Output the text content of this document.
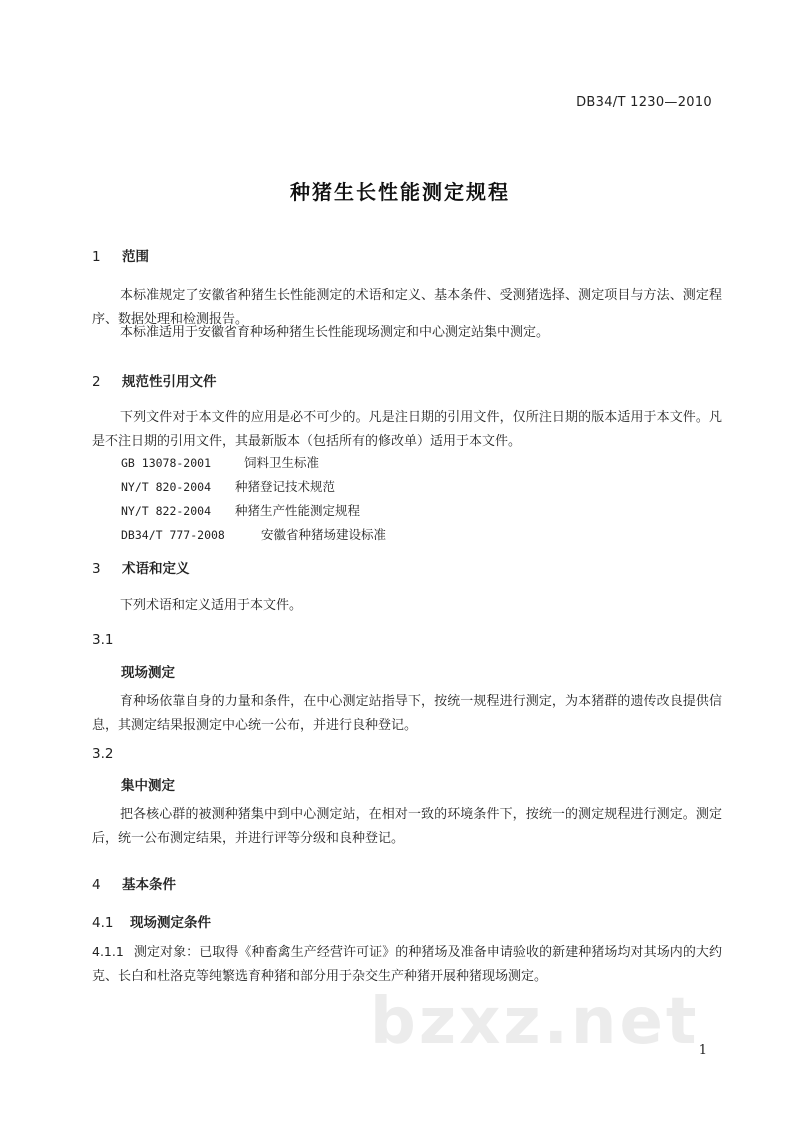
DB34/T 1230—2010
种猪生长性能测定规程
1 范围
本标准规定了安徽省种猪生长性能测定的术语和定义、基本条件、受测猪选择、测定项目与方法、测定程序、数据处理和检测报告。
本标准适用于安徽省育种场种猪生长性能现场测定和中心测定站集中测定。
2 规范性引用文件
下列文件对于本文件的应用是必不可少的。凡是注日期的引用文件，仅所注日期的版本适用于本文件。凡是不注日期的引用文件，其最新版本（包括所有的修改单）适用于本文件。
GB 13078-2001	饲料卫生标准
NY/T 820-2004 种猪登记技术规范
NY/T 822-2004 种猪生产性能测定规程
DB34/T 777-2008	安徽省种猪场建设标准
3 术语和定义
下列术语和定义适用于本文件。
3.1
现场测定
育种场依靠自身的力量和条件，在中心测定站指导下，按统一规程进行测定，为本猪群的遗传改良提供信息，其测定结果报测定中心统一公布，并进行良种登记。
3.2
集中测定
把各核心群的被测种猪集中到中心测定站，在相对一致的环境条件下，按统一的测定规程进行测定。测定后，统一公布测定结果，并进行评等分级和良种登记。
4 基本条件
4.1 现场测定条件
4.1.1 测定对象：已取得《种畜禽生产经营许可证》的种猪场及准备申请验收的新建种猪场均对其场内的大约克、长白和杜洛克等纯繁选育种猪和部分用于杂交生产种猪开展种猪现场测定。
bzxz.net 1
